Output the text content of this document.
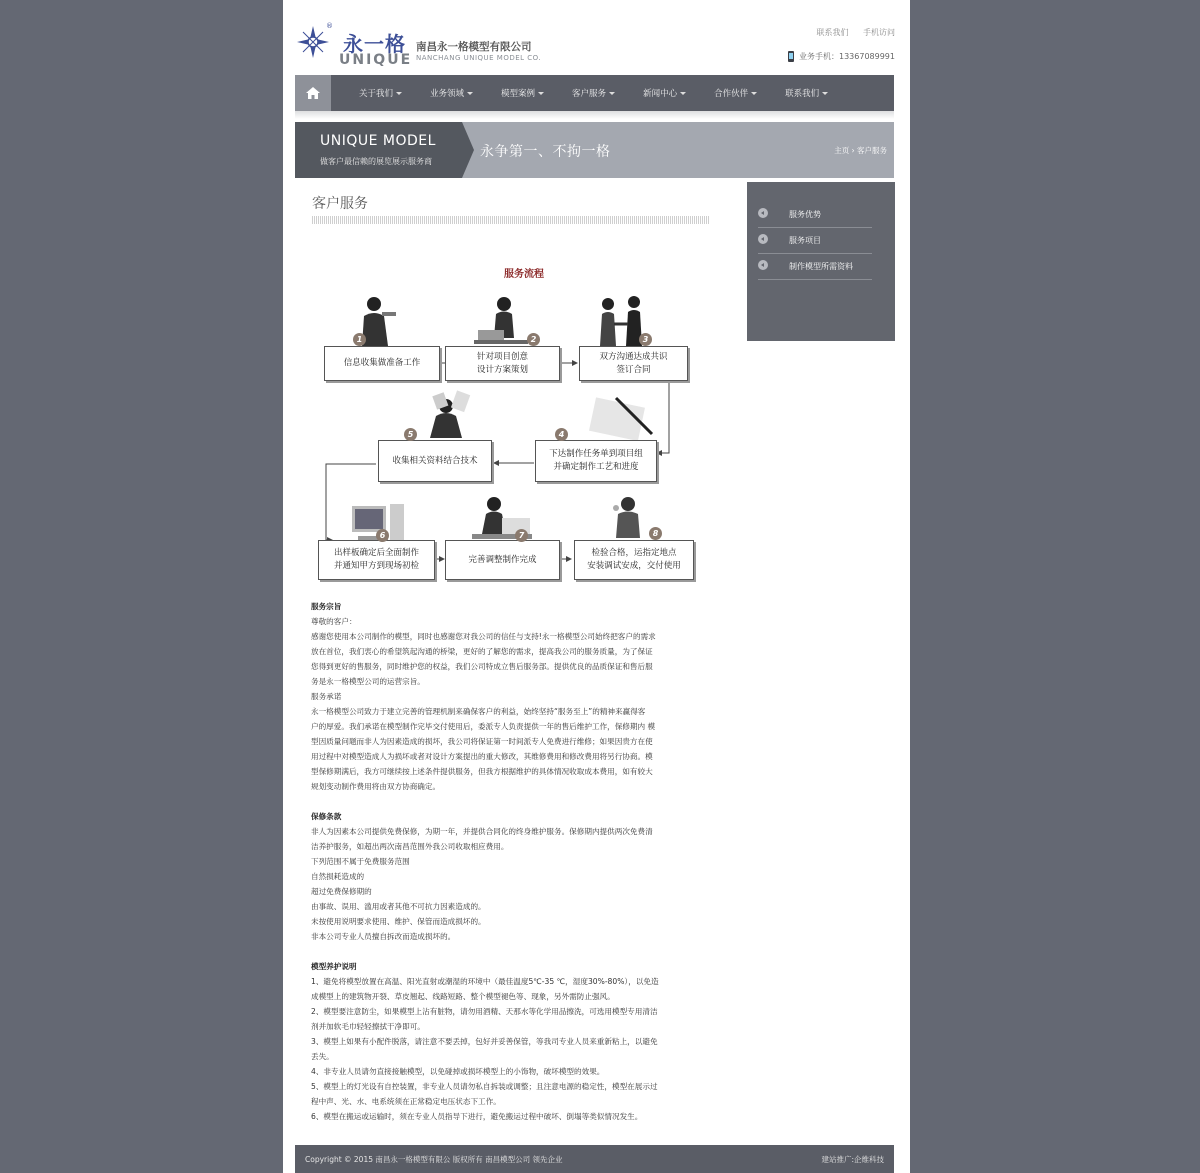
®
永一格
UNIQUE
南昌永一格模型有限公司
NANCHANG UNIQUE MODEL CO.
联系我们 手机访问
业务手机：13367089991
关于我们	业务领域	模型案例	客户服务	新闻中心	合作伙伴	联系我们
UNIQUE MODEL
做客户最信赖的展览展示服务商
永争第一、不拘一格	主页 › 客户服务
服务优势
服务项目
制作模型所需资料
客户服务
服务流程
信息收集做准备工作
1
针对项目创意
设计方案策划
2
双方沟通达成共识
签订合同
3
下达制作任务单到项目组
并确定制作工艺和进度
4
收集相关资料结合技术
5
出样板确定后全面制作
并通知甲方到现场初检
6
完善调整制作完成
7
检验合格，运指定地点
安装调试安成，交付使用
8
服务宗旨
尊敬的客户：
感谢您使用本公司制作的模型，同时也感谢您对我公司的信任与支持!永一格模型公司始终把客户的需求
放在首位，我们衷心的希望筑起沟通的桥梁，更好的了解您的需求，提高我公司的服务质量，为了保证
您得到更好的售服务，同时维护您的权益，我们公司特成立售后服务部。提供优良的品质保证和售后服
务是永一格模型公司的运营宗旨。
服务承诺
永一格模型公司致力于建立完善的管理机制来确保客户的利益，始终坚持“服务至上”的精神来赢得客
户的厚爱。我们承诺在模型制作完毕交付使用后，委派专人负责提供一年的售后维护工作，保修期内 模
型因质量问题而非人为因素造成的损坏，我公司将保证第一时间派专人免费进行维修；如果因贵方在使
用过程中对模型造成人为损坏或者对设计方案提出的重大修改，其维修费用和修改费用将另行协商。模
型保修期满后，我方可继续按上述条件提供服务，但我方根据维护的具体情况收取成本费用，如有较大
规划变动制作费用将由双方协商确定。
保修条款
非人为因素本公司提供免费保修，为期一年，并提供合同化的终身维护服务。保修期内提供两次免费清
洁养护服务，如超出两次南昌范围外我公司收取相应费用。
下列范围不属于免费服务范围
自然损耗造成的
超过免费保修期的
由事故、误用、滥用或者其他不可抗力因素造成的。
未按使用说明要求使用、维护、保管而造成损坏的。
非本公司专业人员擅自拆改而造成损坏的。
模型养护说明
1、避免将模型放置在高温、阳光直射或潮湿的环境中（最佳温度5℃-35 ℃，湿度30%-80%），以免造
成模型上的建筑物开裂、草皮翘起、线路短路、整个模型褪色等、现象，另外需防止强风。
2、模型要注意防尘，如果模型上沾有脏物，请勿用酒精、天那水等化学用品擦洗，可选用模型专用清洁
剂并加软毛巾轻轻擦拭干净即可。
3、模型上如果有小配件脱落，请注意不要丢掉，包好并妥善保管，等我司专业人员来重新粘上，以避免
丢失。
4、非专业人员请勿直接接触模型，以免碰掉或损坏模型上的小饰物，破坏模型的效果。
5、模型上的灯光设有自控装置，非专业人员请勿私自拆装或调整；且注意电源的稳定性，模型在展示过
程中声、光、水、电系统须在正常稳定电压状态下工作。
6、模型在搬运或运输时，须在专业人员指导下进行，避免搬运过程中破坏、倒塌等类似情况发生。
Copyright © 2015 南昌永一格模型有限公 版权所有 南昌模型公司 领先企业	建站推广:企维科技
